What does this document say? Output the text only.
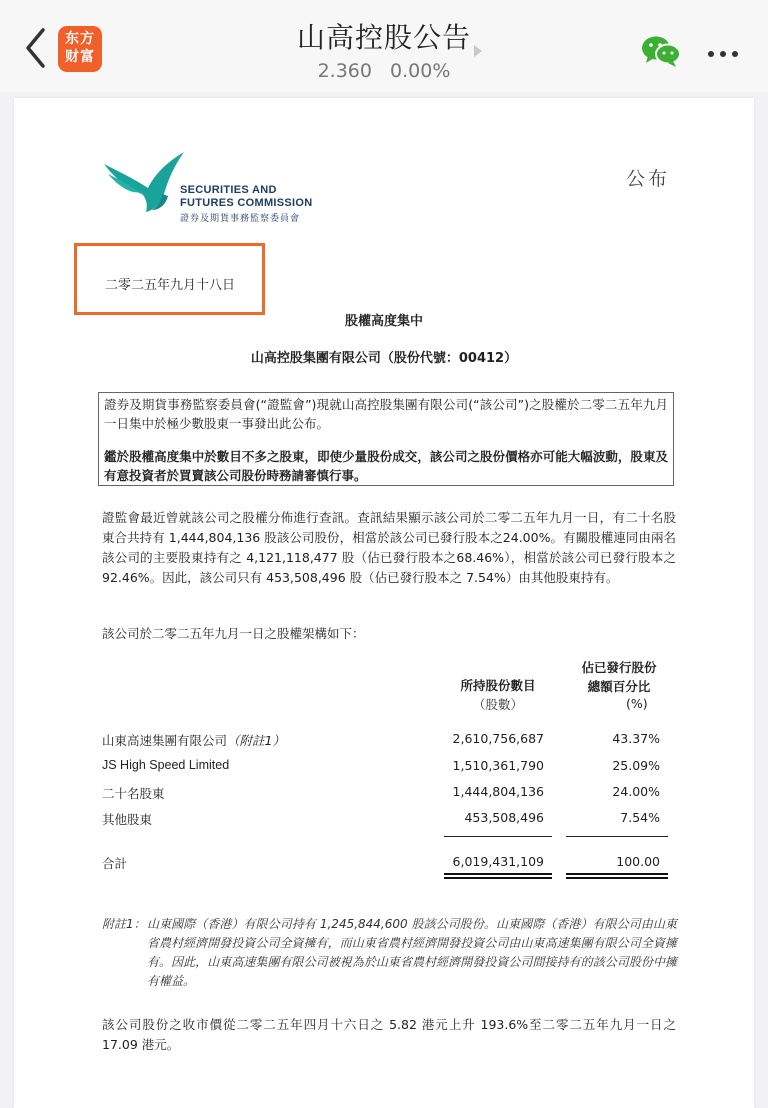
东方
财富
山高控股公告
2.360 0.00%
SECURITIES AND
FUTURES COMMISSION
證券及期貨事務監察委員會
公布
二零二五年九月十八日
股權高度集中
山高控股集團有限公司（股份代號：00412）
證券及期貨事務監察委員會(“證監會”)現就山高控股集團有限公司(“該公司”)之股權於二零二五年九月一日集中於極少數股東一事發出此公布。
鑑於股權高度集中於數目不多之股東，即使少量股份成交，該公司之股份價格亦可能大幅波動，股東及有意投資者於買賣該公司股份時務請審慎行事。
證監會最近曾就該公司之股權分佈進行查訊。查訊結果顯示該公司於二零二五年九月一日，有二十名股東合共持有 1,444,804,136 股該公司股份，相當於該公司已發行股本之24.00%。有關股權連同由兩名該公司的主要股東持有之 4,121,118,477 股（佔已發行股本之68.46%），相當於該公司已發行股本之 92.46%。因此，該公司只有 453,508,496 股（佔已發行股本之 7.54%）由其他股東持有。
該公司於二零二五年九月一日之股權架構如下：
所持股份數目
（股數）
佔已發行股份
總額百分比
(%)
山東高速集團有限公司（附註1）	2,610,756,687	43.37%
JS High Speed Limited	1,510,361,790	25.09%
二十名股東	1,444,804,136	24.00%
其他股東	453,508,496	7.54%
合計	6,019,431,109	100.00
附註1： 山東國際（香港）有限公司持有 1,245,844,600 股該公司股份。山東國際（香港）有限公司由山東省農村經濟開發投資公司全資擁有，而山東省農村經濟開發投資公司由山東高速集團有限公司全資擁有。因此，山東高速集團有限公司被視為於山東省農村經濟開發投資公司間接持有的該公司股份中擁有權益。
該公司股份之收市價從二零二五年四月十六日之 5.82 港元上升 193.6%至二零二五年九月一日之 17.09 港元。
